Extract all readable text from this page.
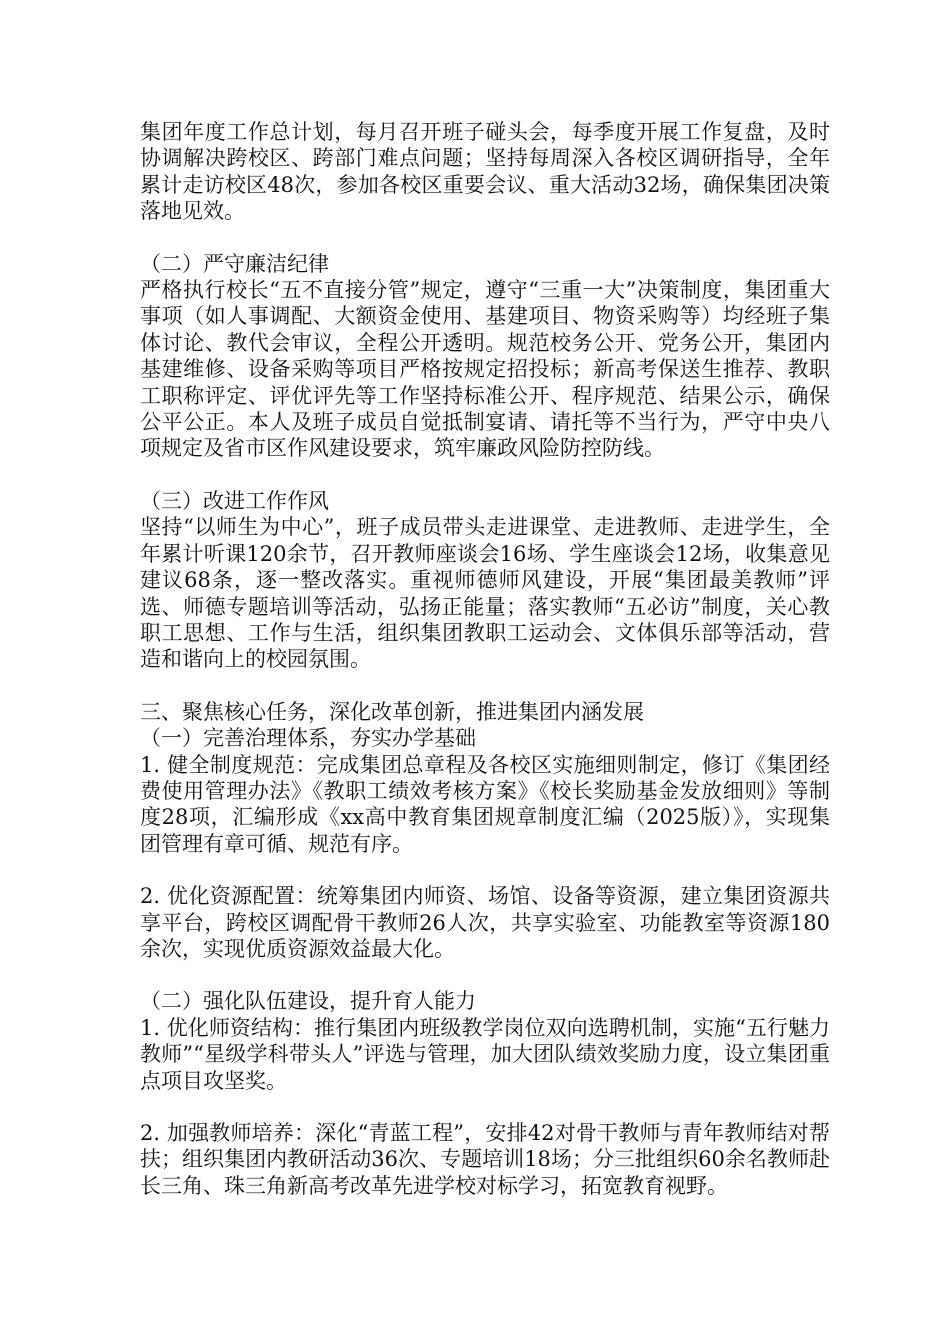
集团年度工作总计划，每月召开班子碰头会，每季度开展工作复盘，及时协调解决跨校区、跨部门难点问题；坚持每周深入各校区调研指导，全年累计走访校区48次，参加各校区重要会议、重大活动32场，确保集团决策落地见效。

（二）严守廉洁纪律

严格执行校长“五不直接分管”规定，遵守“三重一大”决策制度，集团重大事项（如人事调配、大额资金使用、基建项目、物资采购等）均经班子集体讨论、教代会审议，全程公开透明。规范校务公开、党务公开，集团内基建维修、设备采购等项目严格按规定招投标；新高考保送生推荐、教职工职称评定、评优评先等工作坚持标准公开、程序规范、结果公示，确保公平公正。本人及班子成员自觉抵制宴请、请托等不当行为，严守中央八项规定及省市区作风建设要求，筑牢廉政风险防控防线。

（三）改进工作作风

坚持“以师生为中心”，班子成员带头走进课堂、走进教师、走进学生，全年累计听课120余节，召开教师座谈会16场、学生座谈会12场，收集意见建议68条，逐一整改落实。重视师德师风建设，开展“集团最美教师”评选、师德专题培训等活动，弘扬正能量；落实教师“五必访”制度，关心教职工思想、工作与生活，组织集团教职工运动会、文体俱乐部等活动，营造和谐向上的校园氛围。

三、聚焦核心任务，深化改革创新，推进集团内涵发展

（一）完善治理体系，夯实办学基础

1. 健全制度规范：完成集团总章程及各校区实施细则制定，修订《集团经费使用管理办法》《教职工绩效考核方案》《校长奖励基金发放细则》等制度28项，汇编形成《xx高中教育集团规章制度汇编（2025版）》，实现集团管理有章可循、规范有序。

2. 优化资源配置：统筹集团内师资、场馆、设备等资源，建立集团资源共享平台，跨校区调配骨干教师26人次，共享实验室、功能教室等资源180余次，实现优质资源效益最大化。

（二）强化队伍建设，提升育人能力

1. 优化师资结构：推行集团内班级教学岗位双向选聘机制，实施“五行魅力教师”“星级学科带头人”评选与管理，加大团队绩效奖励力度，设立集团重点项目攻坚奖。

2. 加强教师培养：深化“青蓝工程”，安排42对骨干教师与青年教师结对帮扶；组织集团内教研活动36次、专题培训18场；分三批组织60余名教师赴长三角、珠三角新高考改革先进学校对标学习，拓宽教育视野。
